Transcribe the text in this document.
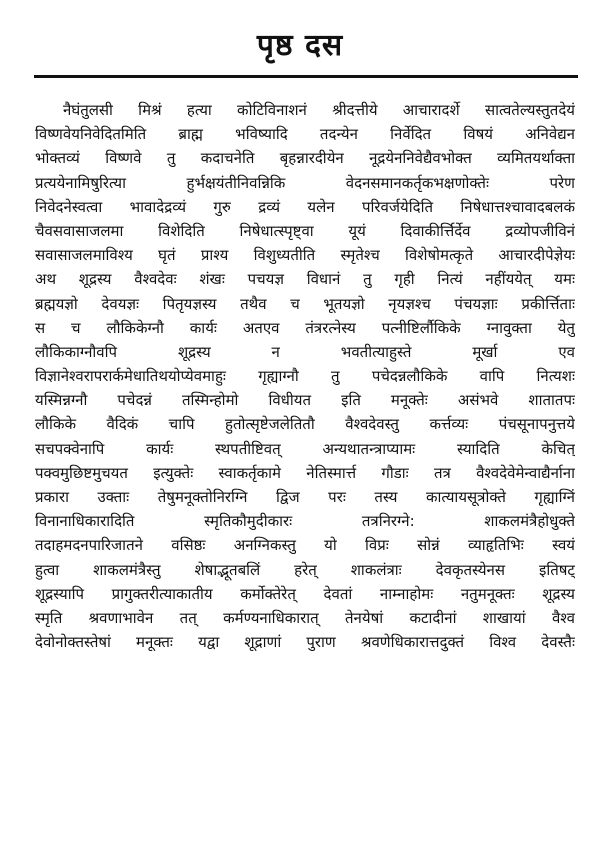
पृष्ठ दस
नैघंतुलसी मिश्रं हत्या कोटिविनाशनं श्रीदत्तीये आचारादर्शे सात्वतेल्यस्तुतदेयं
विष्णवेयनिवेदितमिति ब्राह्म भविष्यादि तदन्येन निर्वेदित विषयं अनिवेद्यन
भोक्तव्यं विष्णवे तु कदाचनेति बृहन्नारदीयेन नूद्रयेननिवेद्यैवभोक्त व्यमितयर्थाक्ता
प्रत्ययेनामिषुरित्या हुर्भक्षयंतीनिवन्निकि वेदनसमानकर्तृकभक्षणोक्तेः परेण
निवेदनेस्वत्वा भावादेद्रव्यं गुरु द्रव्यं यलेन परिवर्जयेदिति निषेधात्तश्चावादबलकं
चैवसवासाजलमा विशेदिति निषेधात्स्पृष्ट्वा यूयं दिवाकीर्त्तिर्देव द्रव्योपजीविनं
सवासाजलमाविश्य घृतं प्राश्य विशुध्यतीति स्मृतेश्च विशेषोमत्कृते आचारदीपेज्ञेयः
अथ शूद्रस्य वैश्वदेवः शंखः पचयज्ञ विधानं तु गृही नित्यं नहींययेत् यमः
ब्रह्मयज्ञो देवयज्ञः पितृयज्ञस्य तथैव च भूतयज्ञो नृयज्ञश्च पंचयज्ञाः प्रकीर्त्तिताः
स च लौकिकेग्नौ कार्यः अतएव तंत्ररत्नेस्य पत्नीष्टिर्लौकिके ग्नावुक्ता येतु
लौकिकाग्नौवपि शूद्रस्य न भवतीत्याहुस्ते मूर्खा एव
विज्ञानेश्वरापरार्कमेधातिथयोप्येवमाहुः गृह्याग्नौ तु पचेदन्नलौकिके वापि नित्यशः
यस्मिन्नग्नौ पचेदन्नं तस्मिन्होमो विधीयत इति मनूक्तेः असंभवे शातातपः
लौकिके वैदिकं चापि हुतोत्सृष्टेजलेतितौ वैश्वदेवस्तु कर्त्तव्यः पंचसूनापनुत्तये
सचपक्वेनापि कार्यः स्थपतीष्टिवत् अन्यथातन्त्राप्यामः स्यादिति केचित्
पक्वमुछिष्टमुचयत इत्युक्तेः स्वाकर्तृकामे नेतिस्मार्त्त गौडाः तत्र वैश्वदेवेमेन्वाद्यैर्नाना
प्रकारा उक्ताः तेषुमनूक्तोनिरग्नि द्विज परः तस्य कात्यायसूत्रोक्ते गृह्याग्निं
विनानाधिकारादिति स्मृतिकौमुदीकारः तत्रनिरग्ने: शाकलमंत्रैहोधुक्ते
तदाहमदनपारिजातने वसिष्ठः अनग्निकस्तु यो विप्रः सोन्नं व्याहृतिभिः स्वयं
हुत्वा शाकलमंत्रैस्तु शेषाद्भूतबलिं हरेत् शाकलंत्राः देवकृतस्येनस इतिषट्
शूद्रस्यापि प्रागुक्तरीत्याकातीय कर्मोक्तेरेत् देवतां नाम्नाहोमः नतुमनूक्तः शूद्रस्य
स्मृति श्रवणाभावेन तत् कर्मण्यनाधिकारात् तेनयेषां कटादीनां शाखायां वैश्व
देवोनोक्तस्तेषां मनूक्तः यद्वा शूद्राणां पुराण श्रवणेधिकारात्तदुक्तं विश्व देवस्तैः
